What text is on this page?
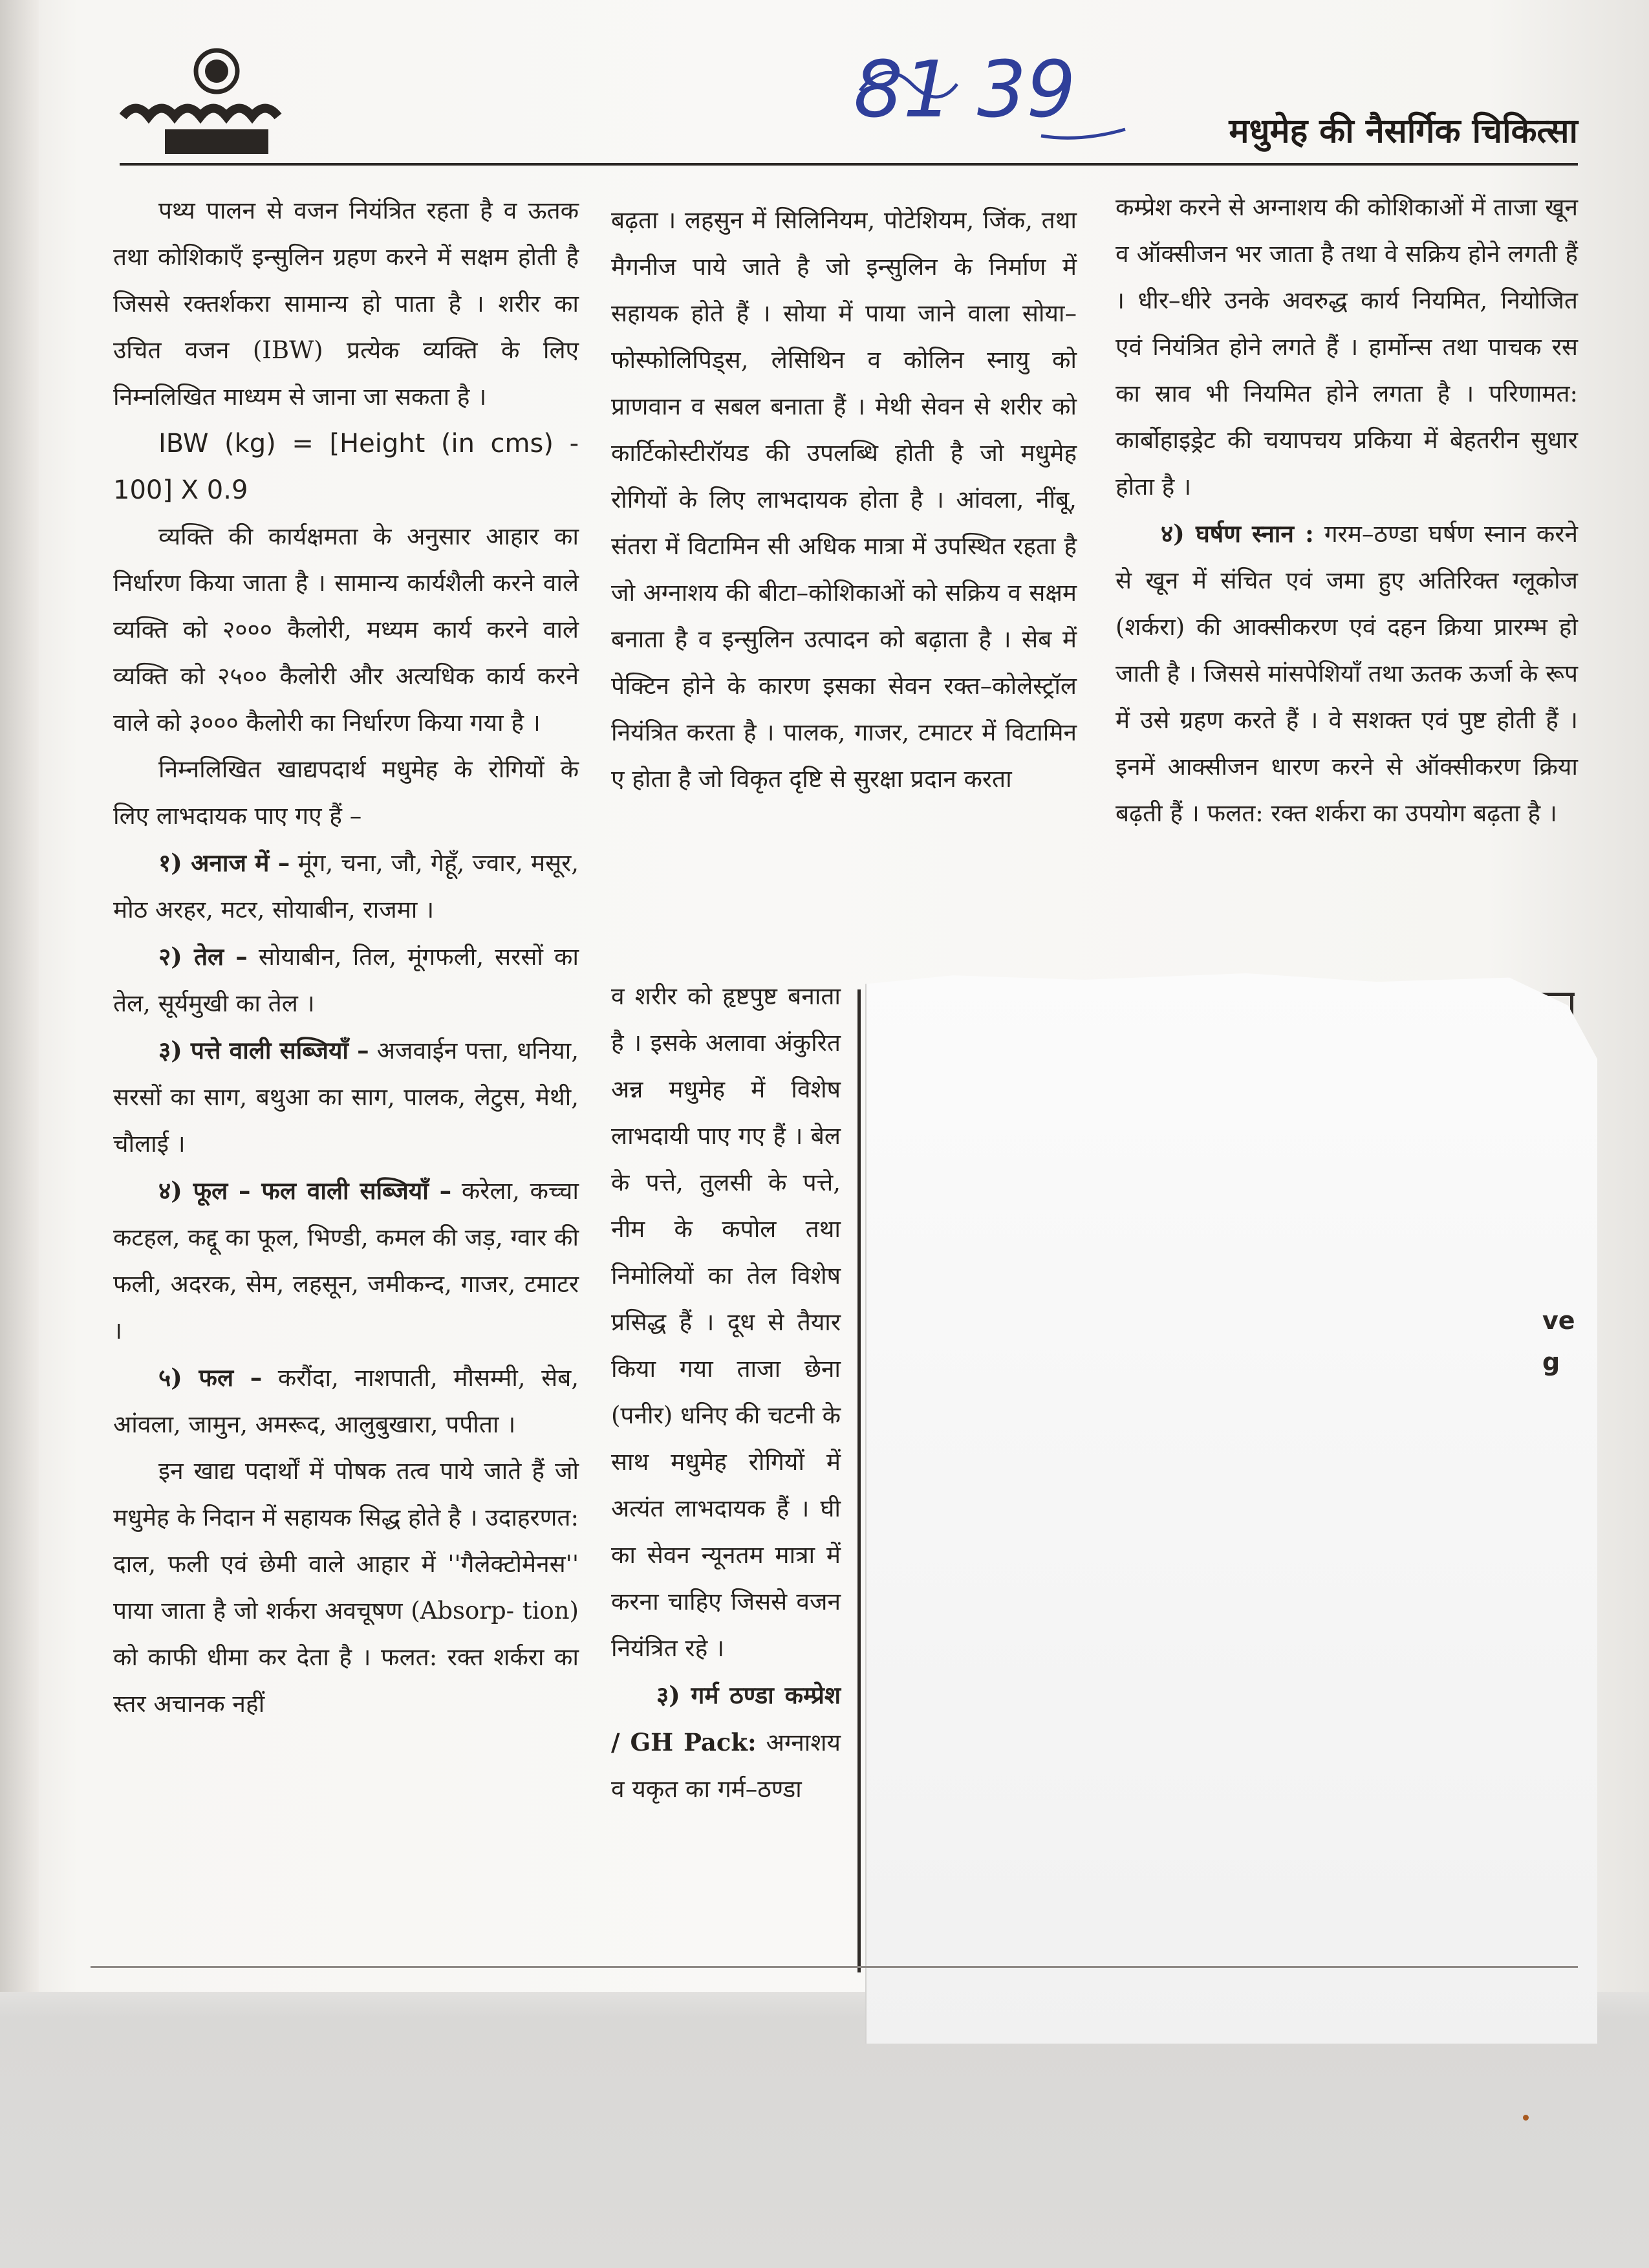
81 39	मधुमेह की नैसर्गिक चिकित्सा

पथ्य पालन से वजन नियंत्रित रहता है व ऊतक तथा कोशिकाएँ इन्सुलिन ग्रहण करने में सक्षम होती है जिससे रक्तर्शकरा सामान्य हो पाता है । शरीर का उचित वजन (IBW) प्रत्येक व्यक्ति के लिए निम्नलिखित माध्यम से जाना जा सकता है ।

IBW (kg) = [Height (in cms) - 100] X 0.9

व्यक्ति की कार्यक्षमता के अनुसार आहार का निर्धारण किया जाता है । सामान्य कार्यशैली करने वाले व्यक्ति को २००० कैलोरी, मध्यम कार्य करने वाले व्यक्ति को २५०० कैलोरी और अत्यधिक कार्य करने वाले को ३००० कैलोरी का निर्धारण किया गया है ।

निम्नलिखित खाद्यपदार्थ मधुमेह के रोगियों के लिए लाभदायक पाए गए हैं –

१) अनाज में – मूंग, चना, जौ, गेहूँ, ज्वार, मसूर, मोठ अरहर, मटर, सोयाबीन, राजमा ।

२) तेल – सोयाबीन, तिल, मूंगफली, सरसों का तेल, सूर्यमुखी का तेल ।

३) पत्ते वाली सब्जियाँ – अजवाईन पत्ता, धनिया, सरसों का साग, बथुआ का साग, पालक, लेटुस, मेथी, चौलाई ।

४) फूल – फल वाली सब्जियाँ – करेला, कच्चा कटहल, कद्दू का फूल, भिण्डी, कमल की जड़, ग्वार की फली, अदरक, सेम, लहसून, जमीकन्द, गाजर, टमाटर ।

५) फल – करौंदा, नाशपाती, मौसम्मी, सेब, आंवला, जामुन, अमरूद, आलुबुखारा, पपीता ।

इन खाद्य पदार्थों में पोषक तत्व पाये जाते हैं जो मधुमेह के निदान में सहायक सिद्ध होते है । उदाहरणत: दाल, फली एवं छेमी वाले आहार में ''गैलेक्टोमेनस'' पाया जाता है जो शर्करा अवचूषण (Absorp- tion) को काफी धीमा कर देता है । फलत: रक्त शर्करा का स्तर अचानक नहीं

बढ़ता । लहसुन में सिलिनियम, पोटेशियम, जिंक, तथा मैगनीज पाये जाते है जो इन्सुलिन के निर्माण में सहायक होते हैं । सोया में पाया जाने वाला सोया–फोस्फोलिपिड्स, लेसिथिन व कोलिन स्नायु को प्राणवान व सबल बनाता हैं । मेथी सेवन से शरीर को कार्टिकोस्टीरॉयड की उपलब्धि होती है जो मधुमेह रोगियों के लिए लाभदायक होता है । आंवला, नींबू, संतरा में विटामिन सी अधिक मात्रा में उपस्थित रहता है जो अग्नाशय की बीटा–कोशिकाओं को सक्रिय व सक्षम बनाता है व इन्सुलिन उत्पादन को बढ़ाता है । सेब में पेक्टिन होने के कारण इसका सेवन रक्त–कोलेस्ट्रॉल नियंत्रित करता है । पालक, गाजर, टमाटर में विटामिन ए होता है जो विकृत दृष्टि से सुरक्षा प्रदान करता

व शरीर को हृष्टपुष्ट बनाता है । इसके अलावा अंकुरित अन्न मधुमेह में विशेष लाभदायी पाए गए हैं । बेल के पत्ते, तुलसी के पत्ते, नीम के कपोल तथा निमोलियों का तेल विशेष प्रसिद्ध हैं । दूध से तैयार किया गया ताजा छेना (पनीर) धनिए की चटनी के साथ मधुमेह रोगियों में अत्यंत लाभदायक हैं । घी का सेवन न्यूनतम मात्रा में करना चाहिए जिससे वजन नियंत्रित रहे ।

३) गर्म ठण्डा कम्प्रेश / GH Pack: अग्नाशय व यकृत का गर्म–ठण्डा

कम्प्रेश करने से अग्नाशय की कोशिकाओं में ताजा खून व ऑक्सीजन भर जाता है तथा वे सक्रिय होने लगती हैं । धीर–धीरे उनके अवरुद्ध कार्य नियमित, नियोजित एवं नियंत्रित होने लगते हैं । हार्मोन्स तथा पाचक रस का स्राव भी नियमित होने लगता है । परिणामत: कार्बोहाइड्रेट की चयापचय प्रकिया में बेहतरीन सुधार होता है ।

४) घर्षण स्नान : गरम–ठण्डा घर्षण स्नान करने से खून में संचित एवं जमा हुए अतिरिक्त ग्लूकोज (शर्करा) की आक्सीकरण एवं दहन क्रिया प्रारम्भ हो जाती है । जिससे मांसपेशियाँ तथा ऊतक ऊर्जा के रूप में उसे ग्रहण करते हैं । वे सशक्त एवं पुष्ट होती हैं । इनमें आक्सीजन धारण करने से ऑक्सीकरण क्रिया बढ़ती हैं । फलत: रक्त शर्करा का उपयोग बढ़ता है ।

ve
g
